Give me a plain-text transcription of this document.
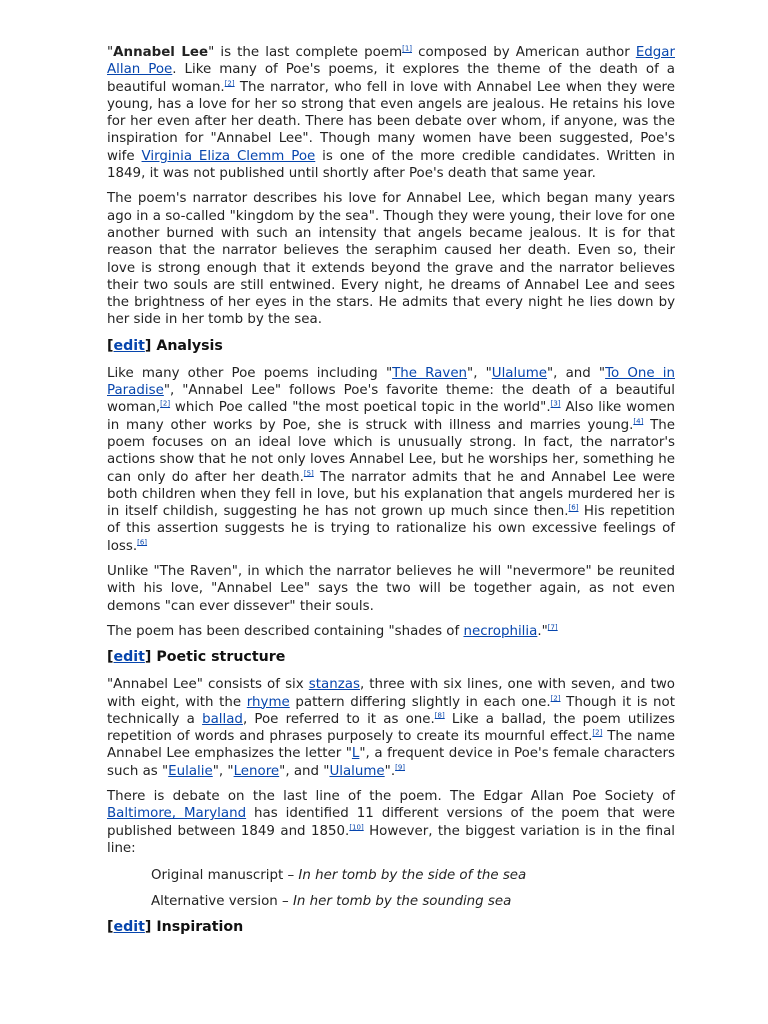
"Annabel Lee" is the last complete poem[1] composed by American author Edgar Allan Poe. Like many of Poe's poems, it explores the theme of the death of a beautiful woman.[2] The narrator, who fell in love with Annabel Lee when they were young, has a love for her so strong that even angels are jealous. He retains his love for her even after her death. There has been debate over whom, if anyone, was the inspiration for "Annabel Lee". Though many women have been suggested, Poe's wife Virginia Eliza Clemm Poe is one of the more credible candidates. Written in 1849, it was not published until shortly after Poe's death that same year.

The poem's narrator describes his love for Annabel Lee, which began many years ago in a so-called "kingdom by the sea". Though they were young, their love for one another burned with such an intensity that angels became jealous. It is for that reason that the narrator believes the seraphim caused her death. Even so, their love is strong enough that it extends beyond the grave and the narrator believes their two souls are still entwined. Every night, he dreams of Annabel Lee and sees the brightness of her eyes in the stars. He admits that every night he lies down by her side in her tomb by the sea.

[edit] Analysis

Like many other Poe poems including "The Raven", "Ulalume", and "To One in Paradise", "Annabel Lee" follows Poe's favorite theme: the death of a beautiful woman,[2] which Poe called "the most poetical topic in the world".[3] Also like women in many other works by Poe, she is struck with illness and marries young.[4] The poem focuses on an ideal love which is unusually strong. In fact, the narrator's actions show that he not only loves Annabel Lee, but he worships her, something he can only do after her death.[5] The narrator admits that he and Annabel Lee were both children when they fell in love, but his explanation that angels murdered her is in itself childish, suggesting he has not grown up much since then.[6] His repetition of this assertion suggests he is trying to rationalize his own excessive feelings of loss.[6]

Unlike "The Raven", in which the narrator believes he will "nevermore" be reunited with his love, "Annabel Lee" says the two will be together again, as not even demons "can ever dissever" their souls.

The poem has been described containing "shades of necrophilia."[7]

[edit] Poetic structure

"Annabel Lee" consists of six stanzas, three with six lines, one with seven, and two with eight, with the rhyme pattern differing slightly in each one.[2] Though it is not technically a ballad, Poe referred to it as one.[8] Like a ballad, the poem utilizes repetition of words and phrases purposely to create its mournful effect.[2] The name Annabel Lee emphasizes the letter "L", a frequent device in Poe's female characters such as "Eulalie", "Lenore", and "Ulalume".[9]

There is debate on the last line of the poem. The Edgar Allan Poe Society of Baltimore, Maryland has identified 11 different versions of the poem that were published between 1849 and 1850.[10] However, the biggest variation is in the final line:

Original manuscript – In her tomb by the side of the sea
Alternative version – In her tomb by the sounding sea
[edit] Inspiration
